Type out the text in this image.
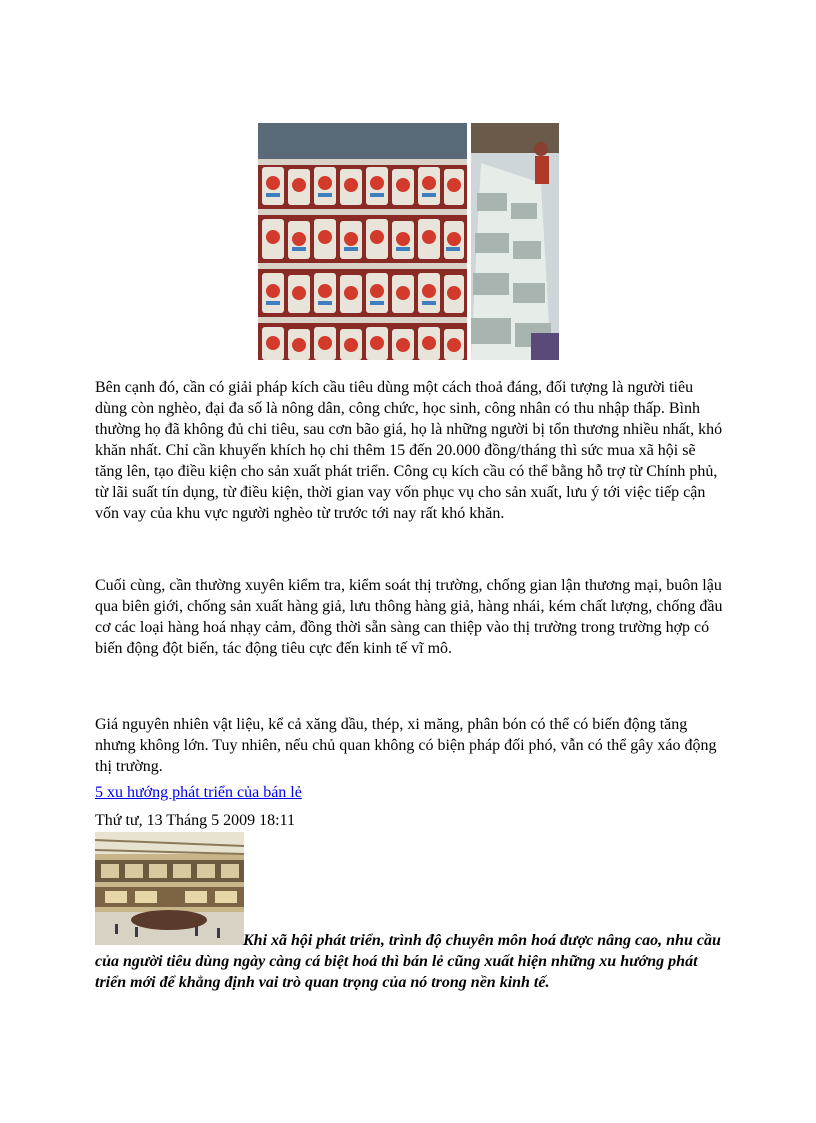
Bên cạnh đó, cần có giải pháp kích cầu tiêu dùng một cách thoả đáng, đối tượng là người tiêu dùng còn nghèo, đại đa số là nông dân, công chức, học sinh, công nhân có thu nhập thấp. Bình thường họ đã không đủ chi tiêu, sau cơn bão giá, họ là những người bị tổn thương nhiều nhất, khó khăn nhất. Chỉ cần khuyến khích họ chi thêm 15 đến 20.000 đồng/tháng thì sức mua xã hội sẽ tăng lên, tạo điều kiện cho sản xuất phát triển. Công cụ kích cầu có thể bằng hỗ trợ từ Chính phủ, từ lãi suất tín dụng, từ điều kiện, thời gian vay vốn phục vụ cho sản xuất, lưu ý tới việc tiếp cận vốn vay của khu vực người nghèo từ trước tới nay rất khó khăn.

Cuối cùng, cần thường xuyên kiểm tra, kiểm soát thị trường, chống gian lận thương mại, buôn lậu qua biên giới, chống sản xuất hàng giả, lưu thông hàng giả, hàng nhái, kém chất lượng, chống đầu cơ các loại hàng hoá nhạy cảm, đồng thời sẵn sàng can thiệp vào thị trường trong trường hợp có biến động đột biến, tác động tiêu cực đến kinh tế vĩ mô.

Giá nguyên nhiên vật liệu, kể cả xăng dầu, thép, xi măng, phân bón có thể có biến động tăng nhưng không lớn. Tuy nhiên, nếu chủ quan không có biện pháp đối phó, vẫn có thể gây xáo động thị trường.

5 xu hướng phát triển của bán lẻ
Thứ tư, 13 Tháng 5 2009 18:11

Khi xã hội phát triển, trình độ chuyên môn hoá được nâng cao, nhu cầu của người tiêu dùng ngày càng cá biệt hoá thì bán lẻ cũng xuất hiện những xu hướng phát triển mới để khẳng định vai trò quan trọng của nó trong nền kinh tế.
